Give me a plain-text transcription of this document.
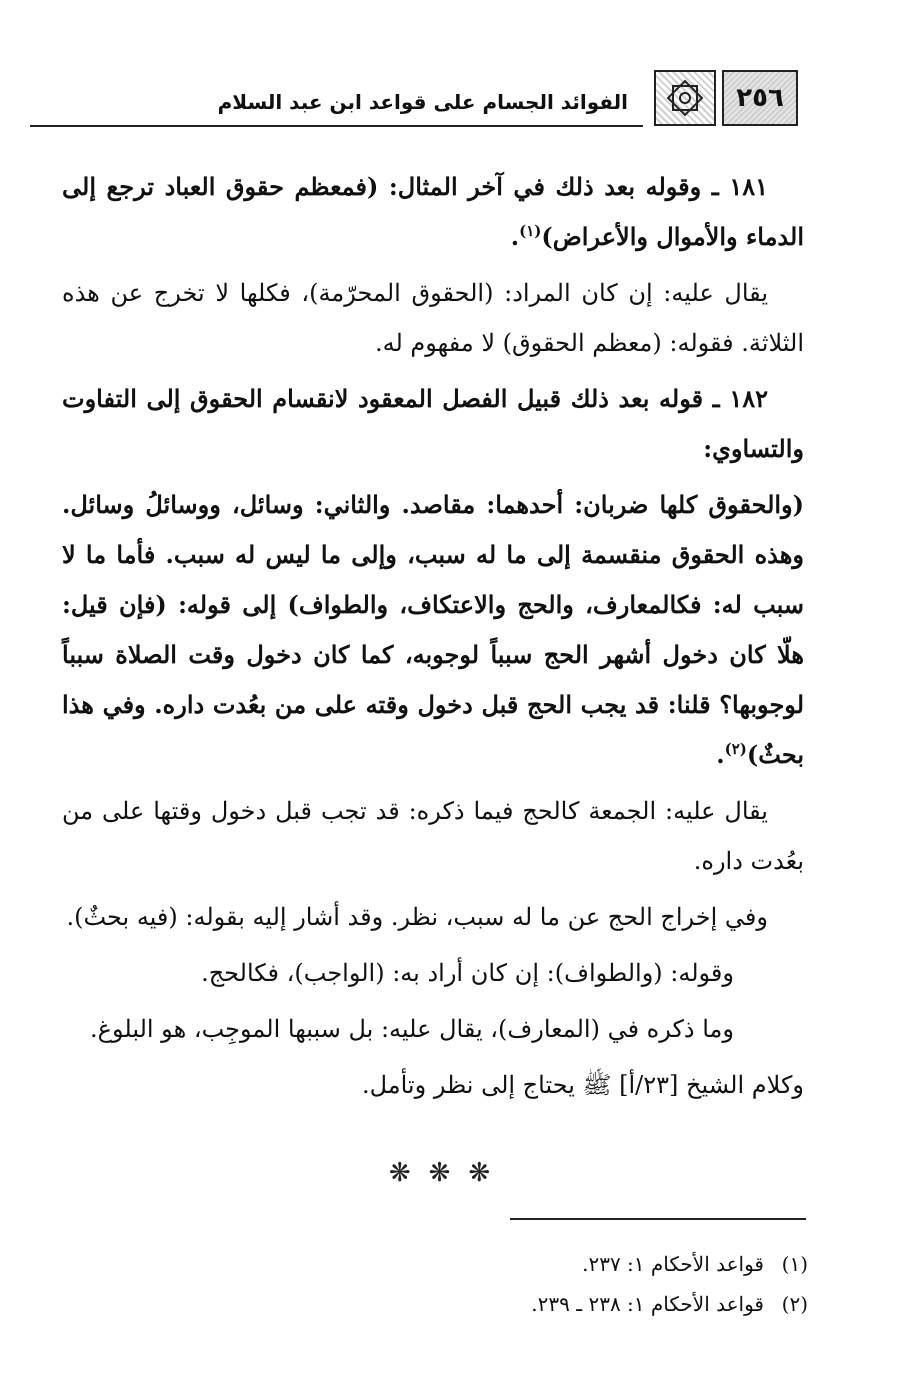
الفوائد الجسام على قواعد ابن عبد السلام	٢٥٦

١٨١ ـ وقوله بعد ذلك في آخر المثال: (فمعظم حقوق العباد ترجع إلى الدماء والأموال والأعراض)$^{(١)}$.

يقال عليه: إن كان المراد: (الحقوق المحرّمة)، فكلها لا تخرج عن هذه الثلاثة. فقوله: (معظم الحقوق) لا مفهوم له.

١٨٢ ـ قوله بعد ذلك قبيل الفصل المعقود لانقسام الحقوق إلى التفاوت والتساوي:

(والحقوق كلها ضربان: أحدهما: مقاصد. والثاني: وسائل، ووسائلُ وسائل. وهذه الحقوق منقسمة إلى ما له سبب، وإلى ما ليس له سبب. فأما ما لا سبب له: فكالمعارف، والحج والاعتكاف، والطواف) إلى قوله: (فإن قيل: هلّا كان دخول أشهر الحج سبباً لوجوبه، كما كان دخول وقت الصلاة سبباً لوجوبها؟ قلنا: قد يجب الحج قبل دخول وقته على من بعُدت داره. وفي هذا بحثٌ)$^{(٢)}$.

يقال عليه: الجمعة كالحج فيما ذكره: قد تجب قبل دخول وقتها على من بعُدت داره.

وفي إخراج الحج عن ما له سبب، نظر. وقد أشار إليه بقوله: (فيه بحثٌ).

وقوله: (والطواف): إن كان أراد به: (الواجب)، فكالحج.

وما ذكره في (المعارف)، يقال عليه: بل سببها الموجِب، هو البلوغ.

وكلام الشيخ [٢٣/أ] ﷺ يحتاج إلى نظر وتأمل.

❋❋❋
(١)قواعد الأحكام ١: ٢٣٧.
(٢)قواعد الأحكام ١: ٢٣٨ ـ ٢٣٩.
